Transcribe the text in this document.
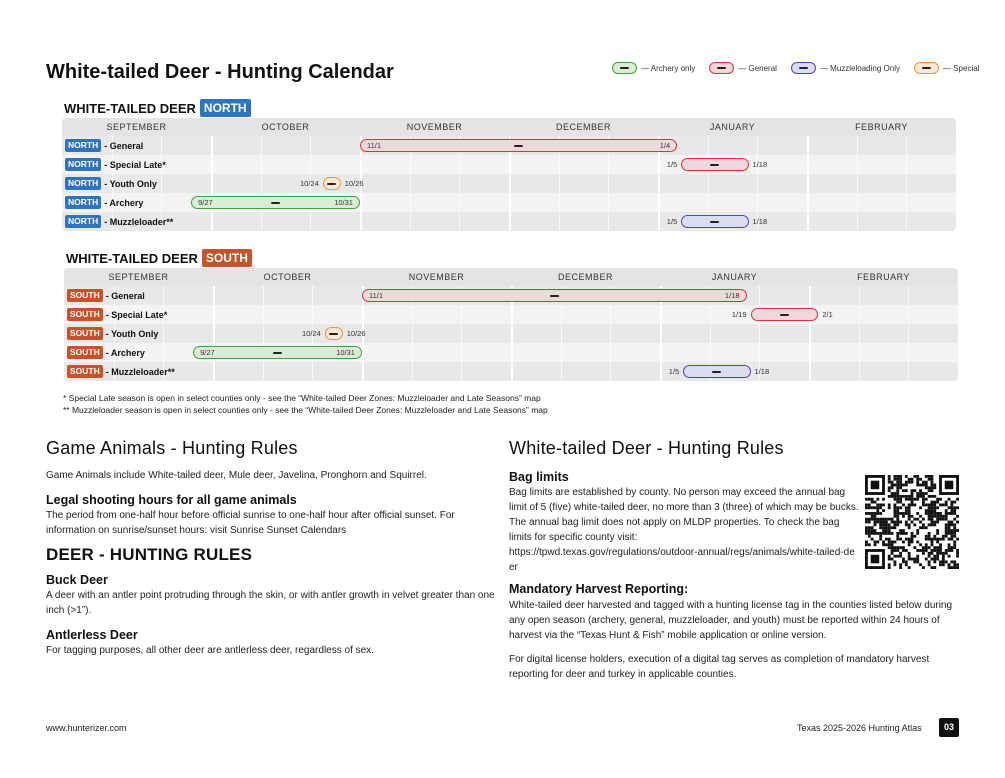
White-tailed Deer - Hunting Calendar	— Archery only	— General	— Muzzleloading Only	— Special
WHITE-TAILED DEER NORTH
SEPTEMBER	OCTOBER	NOVEMBER	DECEMBER	JANUARY	FEBRUARY
NORTH - General	11/1	1/4
NORTH - Special Late*	1/5	1/18
NORTH - Youth Only	10/24	10/26
NORTH - Archery	9/27	10/31
NORTH - Muzzleloader**	1/5	1/18
WHITE-TAILED DEER SOUTH
SEPTEMBER	OCTOBER	NOVEMBER	DECEMBER	JANUARY	FEBRUARY
SOUTH - General	11/1	1/18
SOUTH - Special Late*	1/19	2/1
SOUTH - Youth Only	10/24	10/26
SOUTH - Archery	9/27	10/31
SOUTH - Muzzleloader**	1/5	1/18
* Special Late season is open in select counties only - see the “White-tailed Deer Zones: Muzzleloader and Late Seasons” map
** Muzzleloader season is open in select counties only - see the “White-tailed Deer Zones: Muzzleloader and Late Seasons” map
Game Animals - Hunting Rules

Game Animals include White-tailed deer, Mule deer, Javelina, Pronghorn and Squirrel.

Legal shooting hours for all game animals

The period from one-half hour before official sunrise to one-half hour after official sunset. For information on sunrise/sunset hours: visit Sunrise Sunset Calendars

DEER - HUNTING RULES
Buck Deer

A deer with an antler point protruding through the skin, or with antler growth in velvet greater than one inch (>1”).

Antlerless Deer

For tagging purposes, all other deer are antlerless deer, regardless of sex.

White-tailed Deer - Hunting Rules
Bag limits

Bag limits are established by county. No person may exceed the annual bag limit of 5 (five) white-tailed deer, no more than 3 (three) of which may be bucks. The annual bag limit does not apply on MLDP properties. To check the bag limits for specific county visit:
https://tpwd.texas.gov/regulations/outdoor-annual/regs/animals/white-tailed-deer

Mandatory Harvest Reporting:

White-tailed deer harvested and tagged with a hunting license tag in the counties listed below during any open season (archery, general, muzzleloader, and youth) must be reported within 24 hours of harvest via the “Texas Hunt & Fish” mobile application or online version.

For digital license holders, execution of a digital tag serves as completion of mandatory harvest reporting for deer and turkey in applicable counties.

www.hunterizer.com	Texas 2025-2026 Hunting Atlas	03
